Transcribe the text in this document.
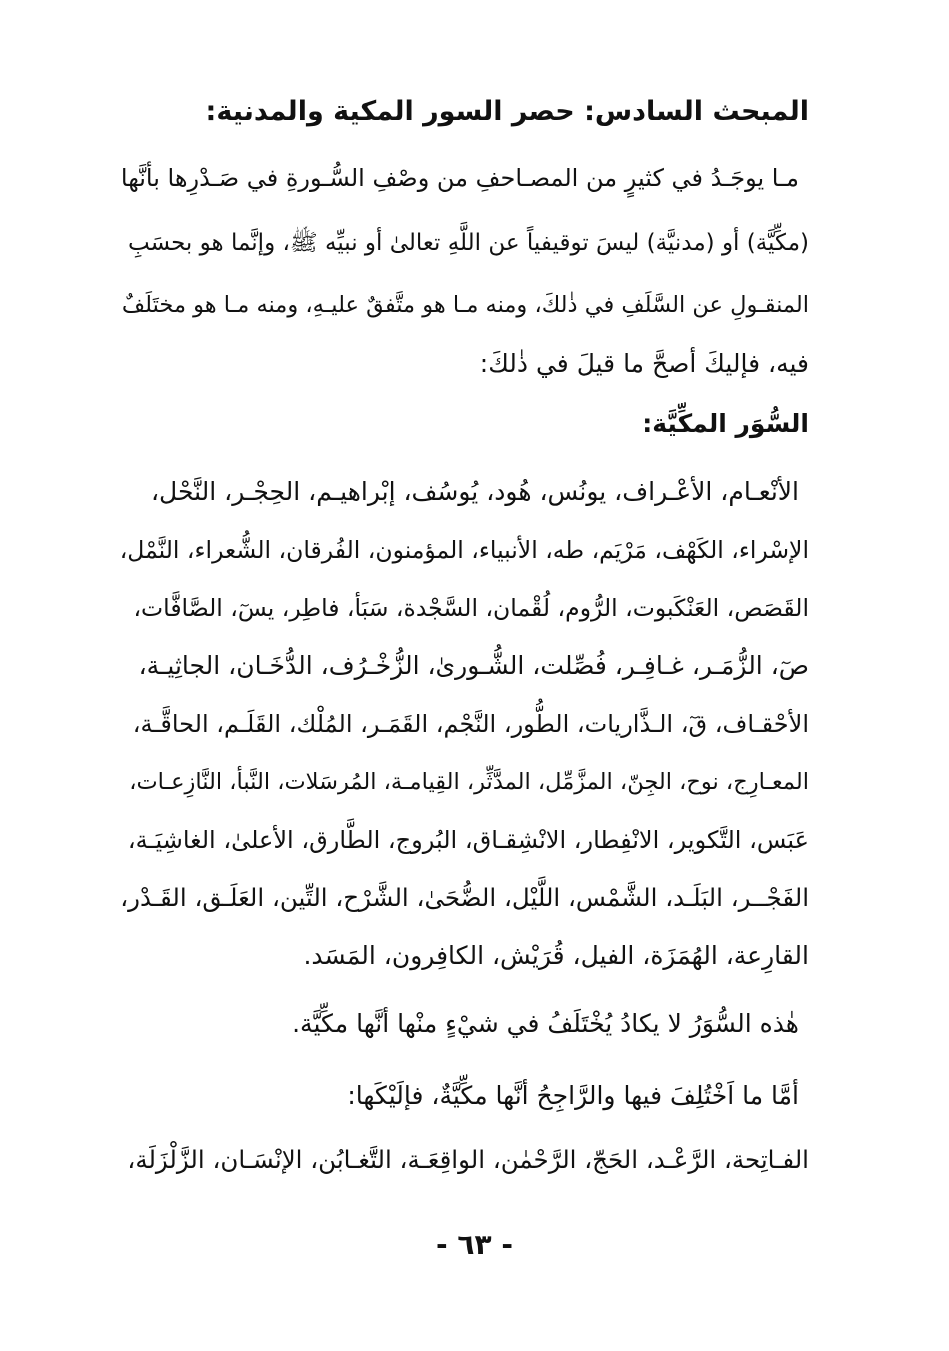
المبحث السادس: حصر السور المكية والمدنية:
مـا يوجَـدُ في كثيرٍ من المصـاحفِ من وصْفِ السُّـورةِ في صَـدْرِها بأنَّها
(مكِّيَّة) أو (مدنيَّة) ليسَ توقيفياً عن اللَّهِ تعالىٰ أو نبيِّه ﷺ، وإنَّما هو بحسَبِ
المنقـولِ عن السَّلَفِ في ذٰلكَ، ومنه مـا هو متَّفقٌ عليـهِ، ومنه مـا هو مختَلَفٌ
فيه، فإليكَ أصحَّ ما قيلَ في ذٰلكَ:
السُّوَر المكِّيَّة:
الأنْعـام، الأعْـراف، يونُس، هُود، يُوسُف، إبْراهيـم، الحِجْـر، النَّحْل،
الإسْراء، الكَهْف، مَرْيَم، طه، الأنبياء، المؤمنون، الفُرقان، الشُّعراء، النَّمْل،
القَصَص، العَنْكَبوت، الرُّوم، لُقْمان، السَّجْدة، سَبَأ، فاطِر، يسٓ، الصَّافَّات،
صٓ، الزُّمَـر، غـافِـر، فُصِّلت، الشُّـورىٰ، الزُّخْـرُف، الدُّخَـان، الجاثِيـة،
الأحْقـاف، قٓ، الـذَّاريات، الطُّور، النَّجْم، القَمَـر، المُلْك، القَلَـم، الحاقَّـة،
المعـارِج، نوح، الجِنّ، المزَّمِّل، المدَّثِّر، القِيامـة، المُرسَلات، النَّبأ، النَّازِعـات،
عَبَس، التَّكوير، الانْفِطار، الانْشِقـاق، البُروج، الطَّارق، الأعلىٰ، الغاشِيَـة،
الفَجْــر، البَلَـد، الشَّمْس، اللَّيْل، الضُّحَىٰ، الشَّرْح، التِّين، العَلَـق، القَـدْر،
القارِعة، الهُمَزَة، الفيل، قُرَيْش، الكافِرون، المَسَد.
هٰذه السُّوَرُ لا يكادُ يُخْتَلَفُ في شيْءٍ منْها أنَّها مكِّيَّة.
أمَّا ما اَخْتُلِفَ فيها والرَّاجِحُ أنَّها مكِّيَّةٌ، فإلَيْكَها:
الفـاتِحة، الرَّعْـد، الحَجّ، الرَّحْمٰن، الواقِعَـة، التَّغـابُن، الإنْسَـان، الزَّلْزَلَة،
- ٦٣ -
